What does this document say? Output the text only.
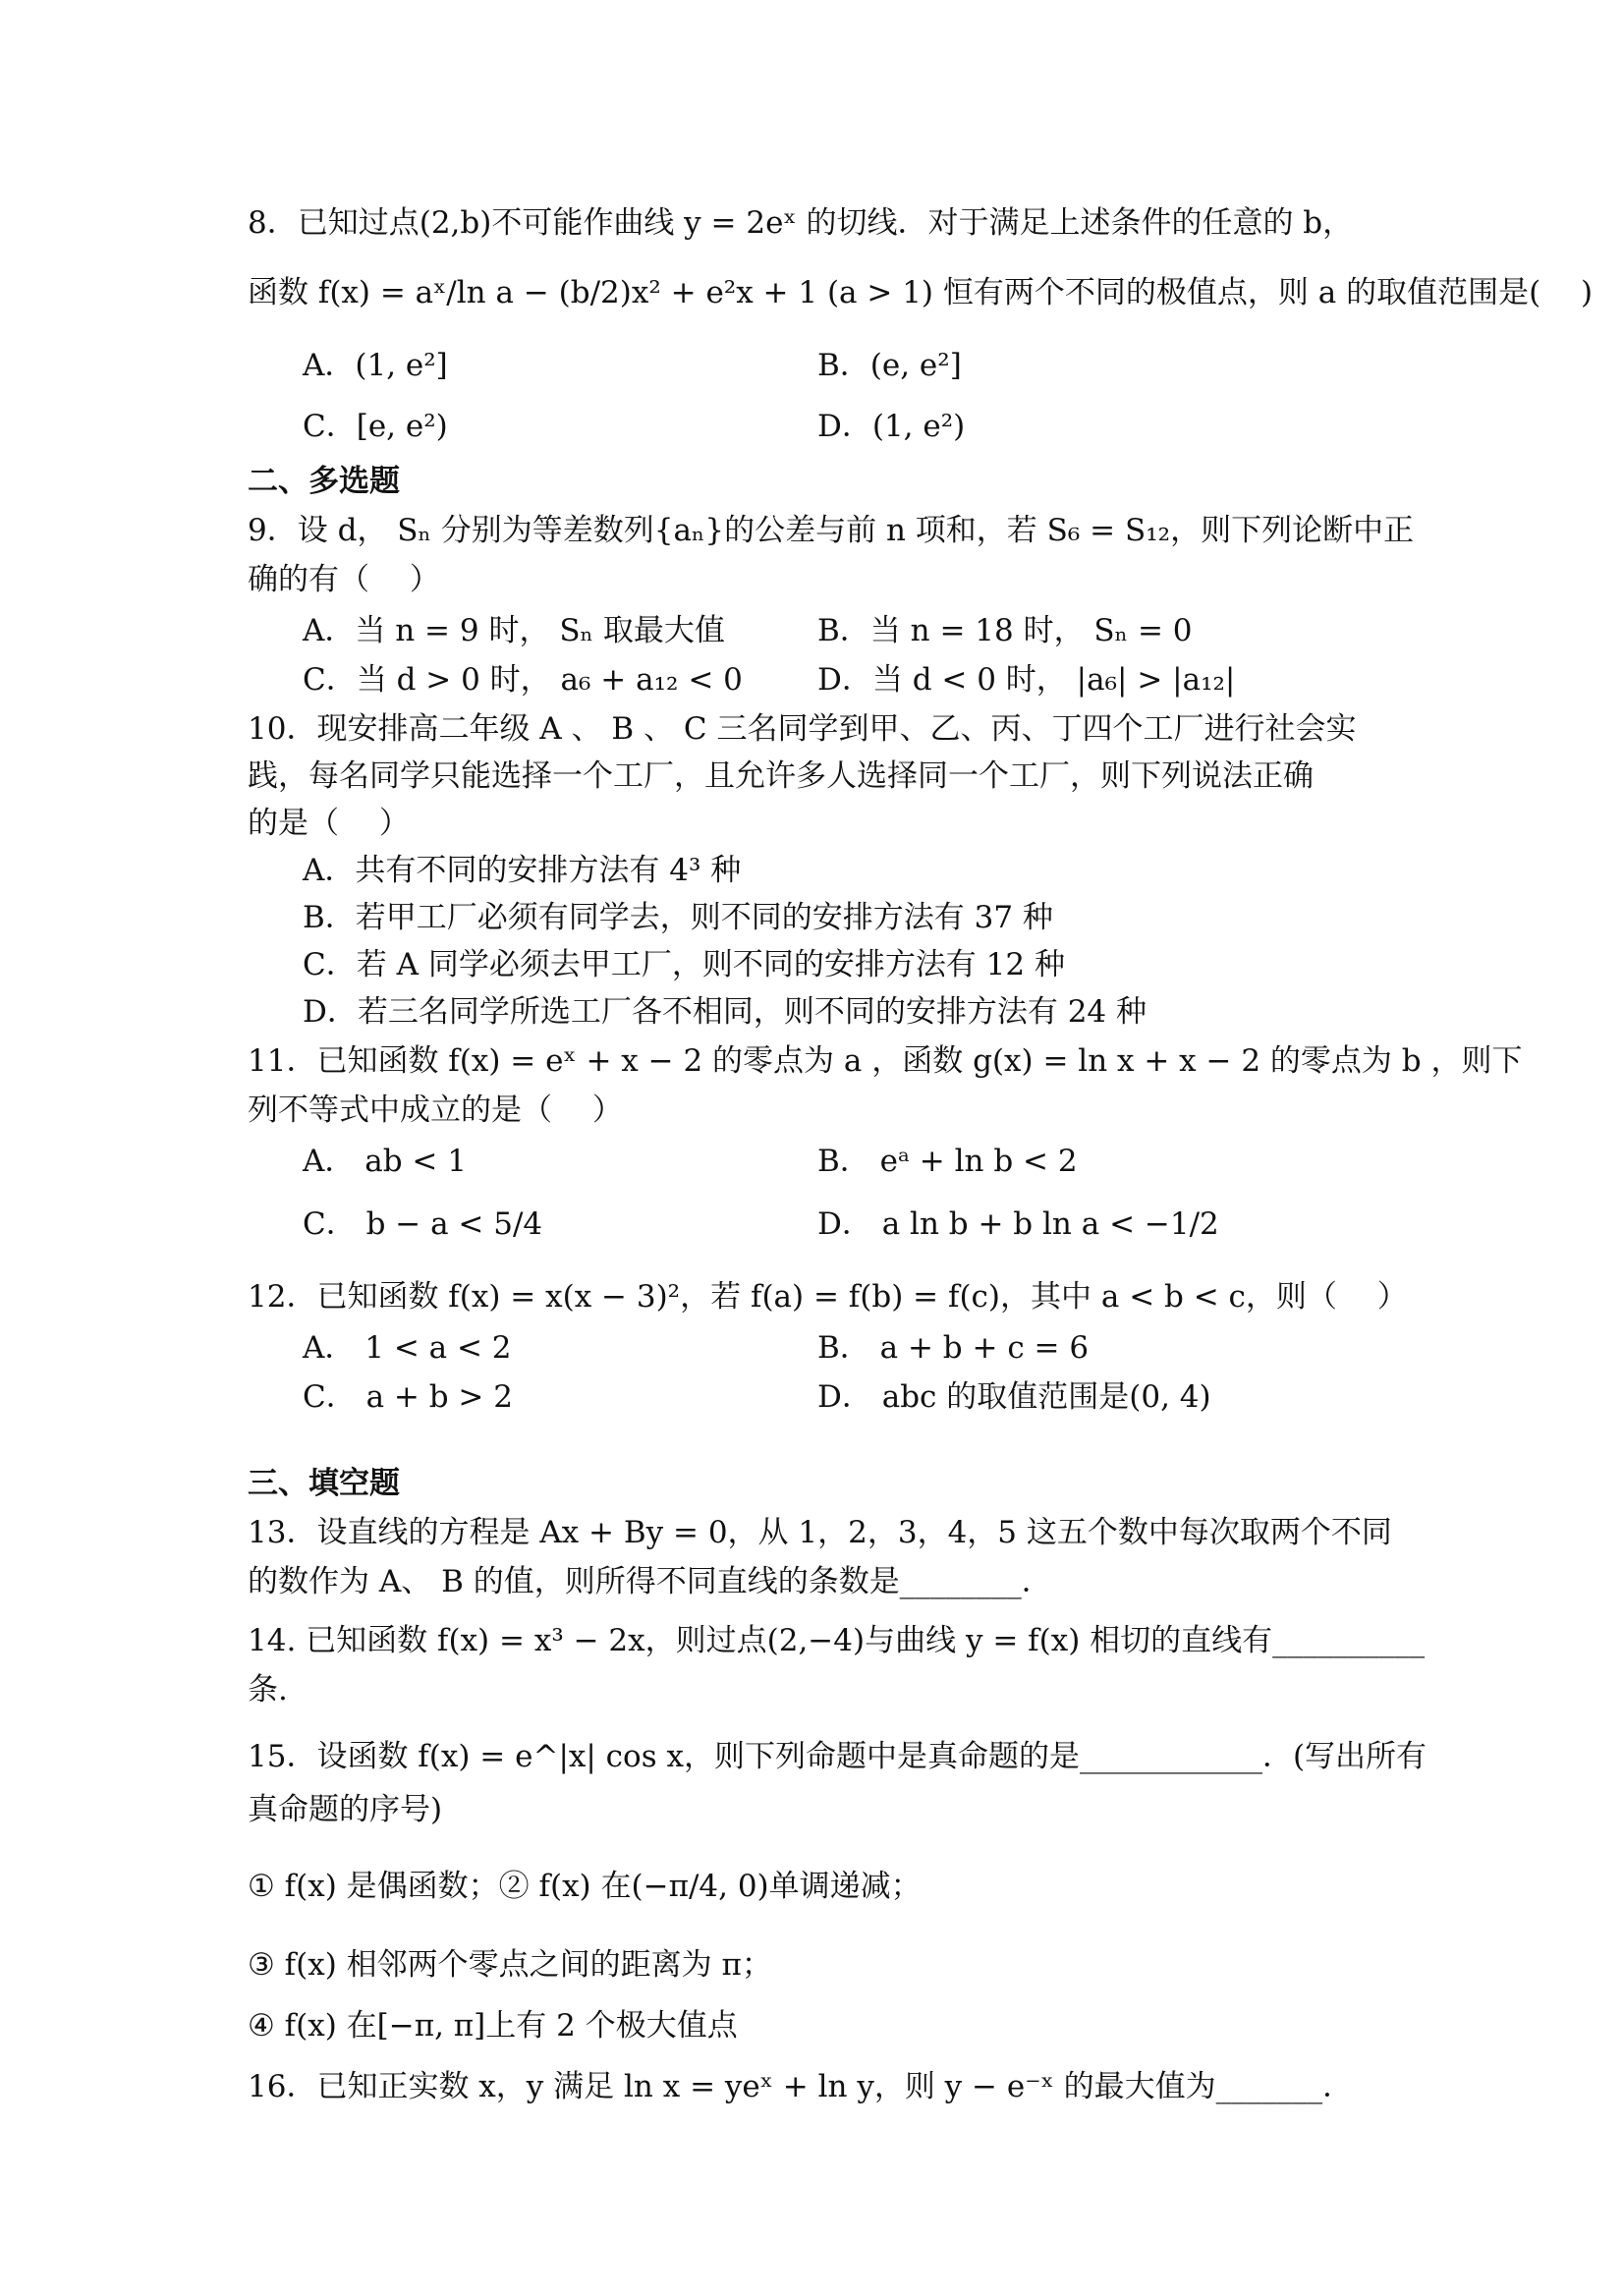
8．已知过点(2,b)不可能作曲线 y = 2eˣ 的切线．对于满足上述条件的任意的 b，
函数 f(x) = aˣ/ln a − (b/2)x² + e²x + 1 (a > 1) 恒有两个不同的极值点，则 a 的取值范围是(　 )
A．(1, e²]	B．(e, e²]
C．[e, e²)	D．(1, e²)
二、多选题
9．设 d， Sₙ 分别为等差数列{aₙ}的公差与前 n 项和，若 S₆ = S₁₂，则下列论断中正
确的有（　 ）
A．当 n = 9 时， Sₙ 取最大值	B．当 n = 18 时， Sₙ = 0
C．当 d > 0 时， a₆ + a₁₂ < 0 D．当 d < 0 时， |a₆| > |a₁₂|
10．现安排高二年级 A 、 B 、 C 三名同学到甲、乙、丙、丁四个工厂进行社会实
践，每名同学只能选择一个工厂，且允许多人选择同一个工厂，则下列说法正确
的是（　 ）
A．共有不同的安排方法有 4³ 种
B．若甲工厂必须有同学去，则不同的安排方法有 37 种
C．若 A 同学必须去甲工厂，则不同的安排方法有 12 种
D．若三名同学所选工厂各不相同，则不同的安排方法有 24 种
11．已知函数 f(x) = eˣ + x − 2 的零点为 a ，函数 g(x) = ln x + x − 2 的零点为 b ，则下
列不等式中成立的是（　 ）
A． ab < 1	B． eᵃ + ln b < 2
C． b − a < 5/4	D． a ln b + b ln a < −1/2
12．已知函数 f(x) = x(x − 3)²，若 f(a) = f(b) = f(c)，其中 a < b < c，则（　 ）
A． 1 < a < 2	B． a + b + c = 6
C． a + b > 2	D． abc 的取值范围是(0, 4)
三、填空题
13．设直线的方程是 Ax + By = 0，从 1，2，3，4，5 这五个数中每次取两个不同
的数作为 A、 B 的值，则所得不同直线的条数是________．
14. 已知函数 f(x) = x³ − 2x，则过点(2,−4)与曲线 y = f(x) 相切的直线有__________
条.
15．设函数 f(x) = e^|x| cos x，则下列命题中是真命题的是____________．(写出所有
真命题的序号)
① f(x) 是偶函数；② f(x) 在(−π/4, 0)单调递减；
③ f(x) 相邻两个零点之间的距离为 π；
④ f(x) 在[−π, π]上有 2 个极大值点
16．已知正实数 x，y 满足 ln x = yeˣ + ln y，则 y − e⁻ˣ 的最大值为_______．
